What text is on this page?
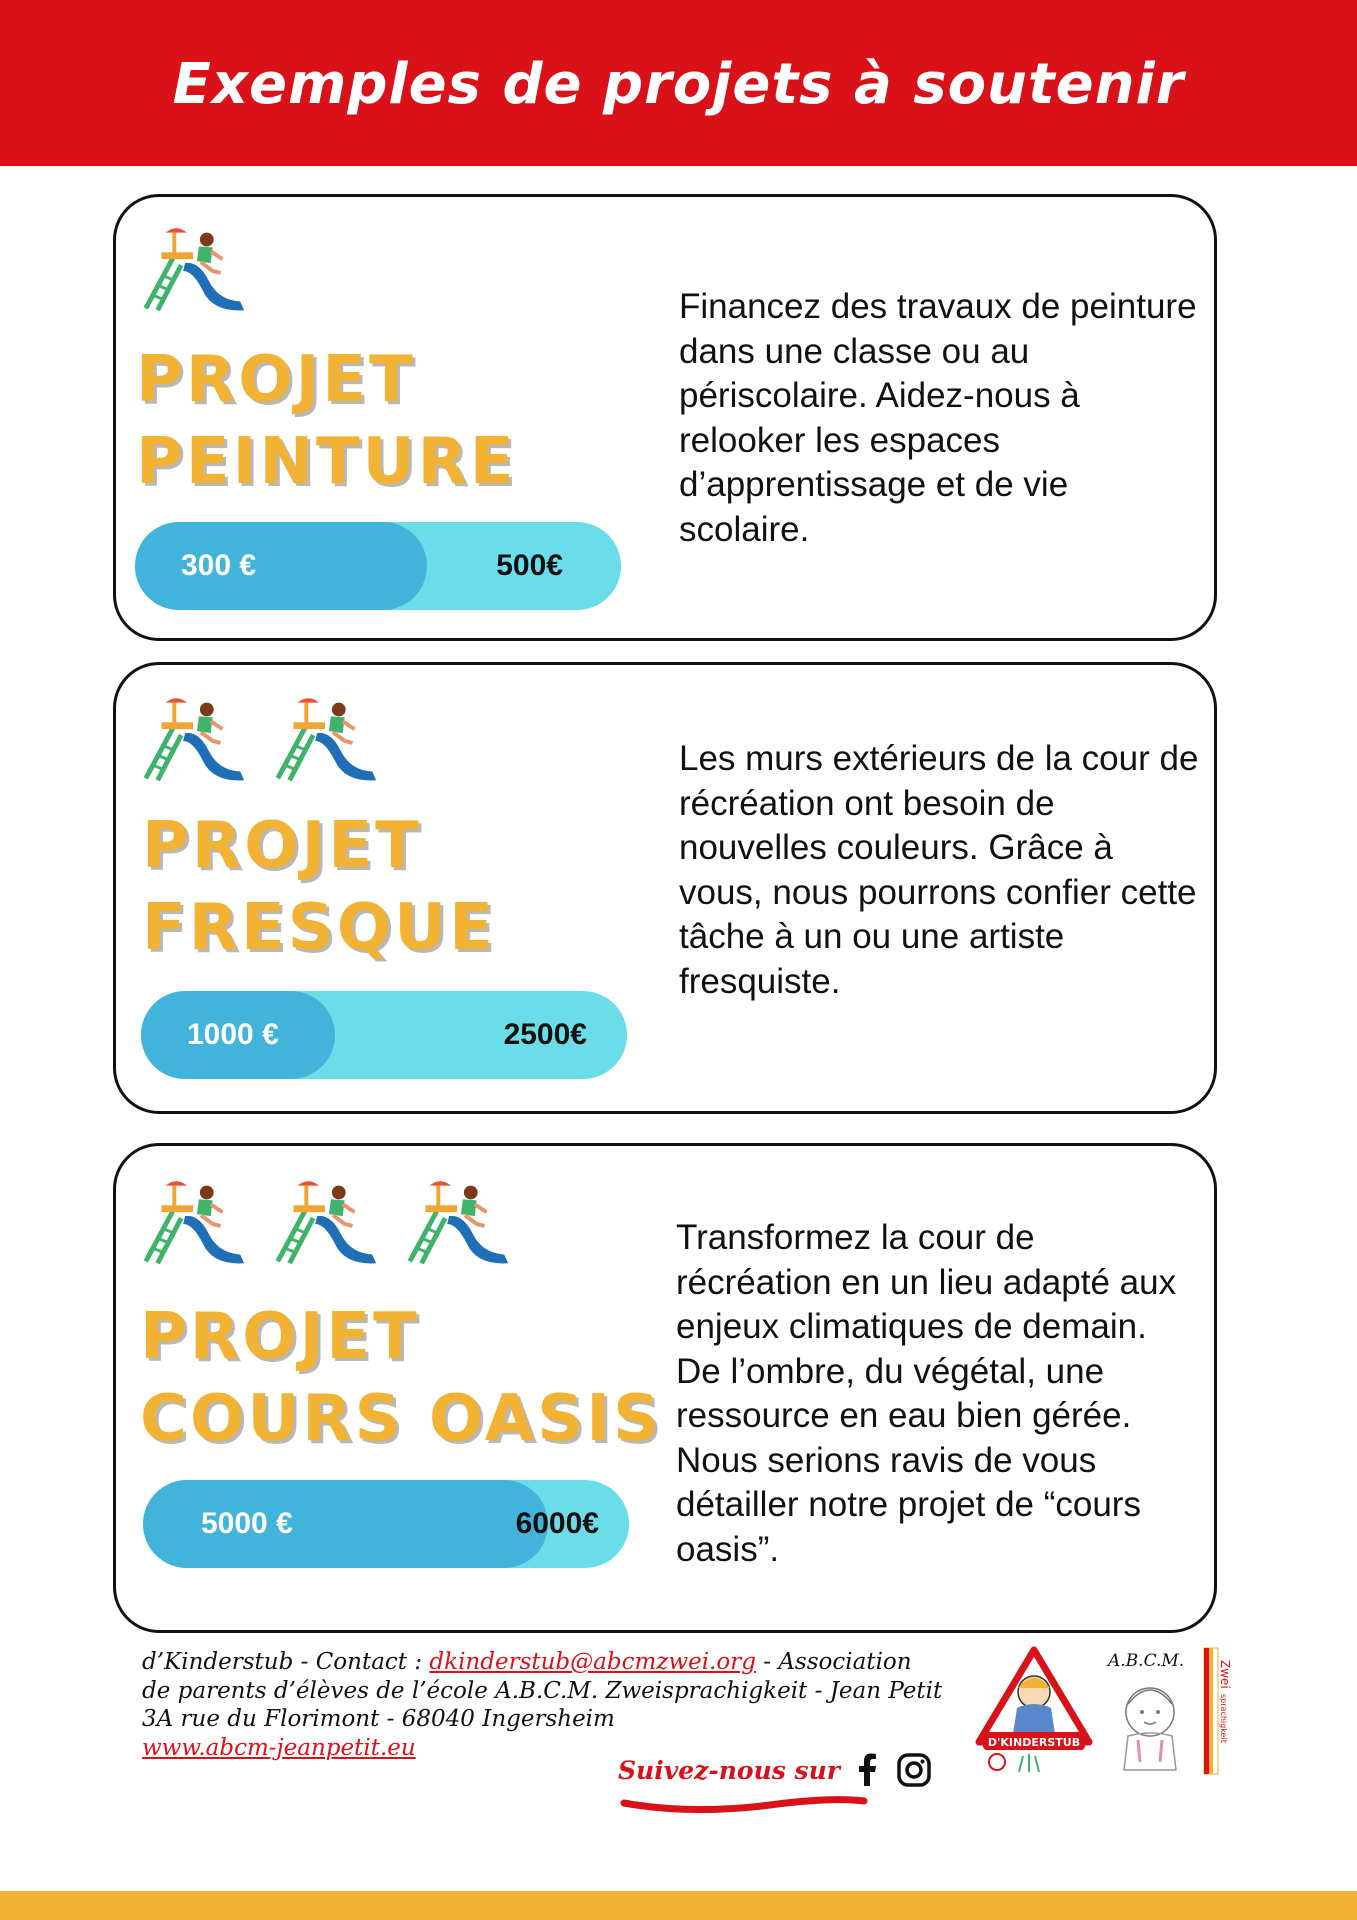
Exemples de projets à soutenir
PROJET
PEINTURE
300 €	500€

Financez des travaux de peinture dans une classe ou au périscolaire. Aidez-nous à relooker les espaces d’apprentissage et de vie scolaire.

PROJET
FRESQUE
1000 €	2500€

Les murs extérieurs de la cour de récréation ont besoin de nouvelles couleurs. Grâce à vous, nous pourrons confier cette tâche à un ou une artiste fresquiste.

PROJET
COURS OASIS
5000 €	6000€

Transformez la cour de récréation en un lieu adapté aux enjeux climatiques de demain. De l’ombre, du végétal, une ressource en eau bien gérée. Nous serions ravis de vous détailler notre projet de “cours oasis”.

d’Kinderstub - Contact : dkinderstub@abcmzwei.org - Association
de parents d’élèves de l’école A.B.C.M. Zweisprachigkeit - Jean Petit
3A rue du Florimont - 68040 Ingersheim
www.abcm-jeanpetit.eu
Suivez-nous sur
D'KINDERSTUB
A.B.C.M.	Zwei
sprachigkeit
